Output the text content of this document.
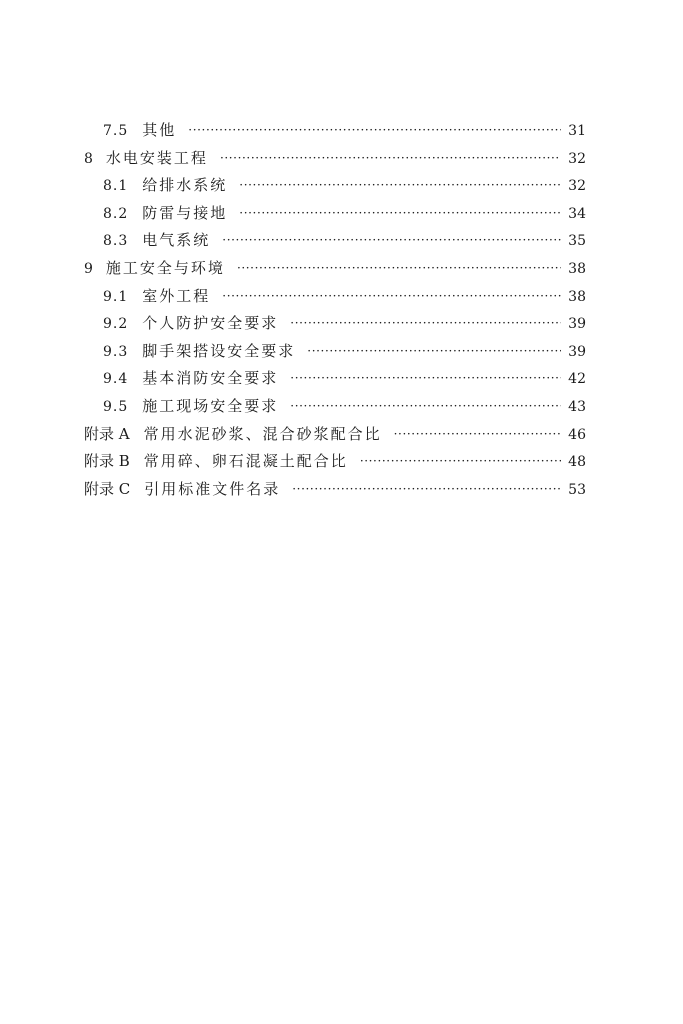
7.5 其他 ·····	31
8 水电安装工程 ·····	32
8.1 给排水系统 ·····	32
8.2 防雷与接地 ·····	34
8.3 电气系统 ·····	35
9 施工安全与环境 ·····	38
9.1 室外工程 ·····	38
9.2 个人防护安全要求 ·····	39
9.3 脚手架搭设安全要求 ·····	39
9.4 基本消防安全要求 ·····	42
9.5 施工现场安全要求 ·····	43
附录 A 常用水泥砂浆、混合砂浆配合比 ·····	46
附录 B 常用碎、卵石混凝土配合比 ·····	48
附录 C 引用标准文件名录 ·····	53
